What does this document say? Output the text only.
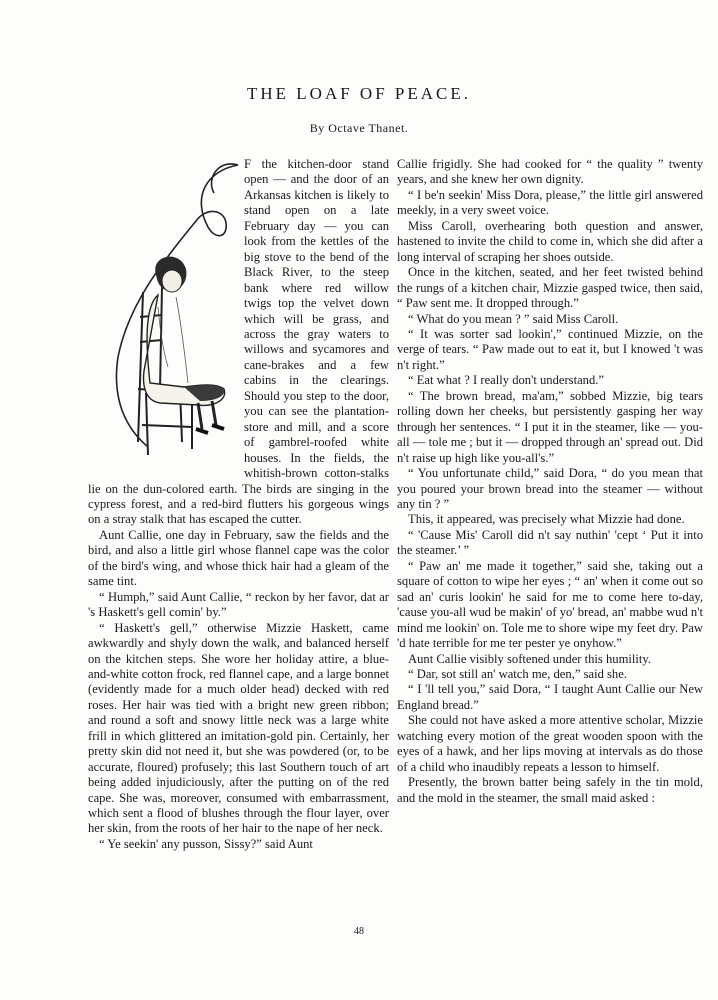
THE LOAF OF PEACE.

By Octave Thanet.

F the kitchen-door stand open — and the door of an Arkansas kitchen is likely to stand open on a late February day — you can look from the kettles of the big stove to the bend of the Black River, to the steep bank where red willow twigs top the velvet down which will be grass, and across the gray waters to willows and sycamores and cane-brakes and a few cabins in the clearings. Should you step to the door, you can see the plantation-store and mill, and a score of gambrel-roofed white houses. In the fields, the whitish-brown cotton-stalks lie on the dun-colored earth. The birds are singing in the cypress forest, and a red-bird flutters his gorgeous wings on a stray stalk that has escaped the cutter.

Aunt Callie, one day in February, saw the fields and the bird, and also a little girl whose flannel cape was the color of the bird's wing, and whose thick hair had a gleam of the same tint.

“ Humph,” said Aunt Callie, “ reckon by her favor, dat ar 's Haskett's gell comin' by.”

“ Haskett's gell,” otherwise Mizzie Haskett, came awkwardly and shyly down the walk, and balanced herself on the kitchen steps. She wore her holiday attire, a blue-and-white cotton frock, red flannel cape, and a large bonnet (evidently made for a much older head) decked with red roses. Her hair was tied with a bright new green ribbon; and round a soft and snowy little neck was a large white frill in which glittered an imitation-gold pin. Certainly, her pretty skin did not need it, but she was powdered (or, to be accurate, floured) profusely; this last Southern touch of art being added injudiciously, after the putting on of the red cape. She was, moreover, consumed with embarrassment, which sent a flood of blushes through the flour layer, over her skin, from the roots of her hair to the nape of her neck.

“ Ye seekin' any pusson, Sissy?” said Aunt

Callie frigidly. She had cooked for “ the quality ” twenty years, and she knew her own dignity.

“ I be'n seekin' Miss Dora, please,” the little girl answered meekly, in a very sweet voice.

Miss Caroll, overhearing both question and answer, hastened to invite the child to come in, which she did after a long interval of scraping her shoes outside.

Once in the kitchen, seated, and her feet twisted behind the rungs of a kitchen chair, Mizzie gasped twice, then said, “ Paw sent me. It dropped through.”

“ What do you mean ? ” said Miss Caroll.

“ It was sorter sad lookin',” continued Mizzie, on the verge of tears. “ Paw made out to eat it, but I knowed 't was n't right.”

“ Eat what ? I really don't understand.”

“ The brown bread, ma'am,” sobbed Mizzie, big tears rolling down her cheeks, but persistently gasping her way through her sentences. “ I put it in the steamer, like — you-all — tole me ; but it — dropped through an' spread out. Did n't raise up high like you-all's.”

“ You unfortunate child,” said Dora, “ do you mean that you poured your brown bread into the steamer — without any tin ? ”

This, it appeared, was precisely what Mizzie had done.

“ 'Cause Mis' Caroll did n't say nuthin' 'cept ‘ Put it into the steamer.’ ”

“ Paw an' me made it together,” said she, taking out a square of cotton to wipe her eyes ; “ an' when it come out so sad an' curis lookin' he said for me to come here to-day, 'cause you-all wud be makin' of yo' bread, an' mabbe wud n't mind me lookin' on. Tole me to shore wipe my feet dry. Paw 'd hate terrible for me ter pester ye onyhow.”

Aunt Callie visibly softened under this humility.

“ Dar, sot still an' watch me, den,” said she.

“ I 'll tell you,” said Dora, “ I taught Aunt Callie our New England bread.”

She could not have asked a more attentive scholar, Mizzie watching every motion of the great wooden spoon with the eyes of a hawk, and her lips moving at intervals as do those of a child who inaudibly repeats a lesson to himself.

Presently, the brown batter being safely in the tin mold, and the mold in the steamer, the small maid asked :

48
